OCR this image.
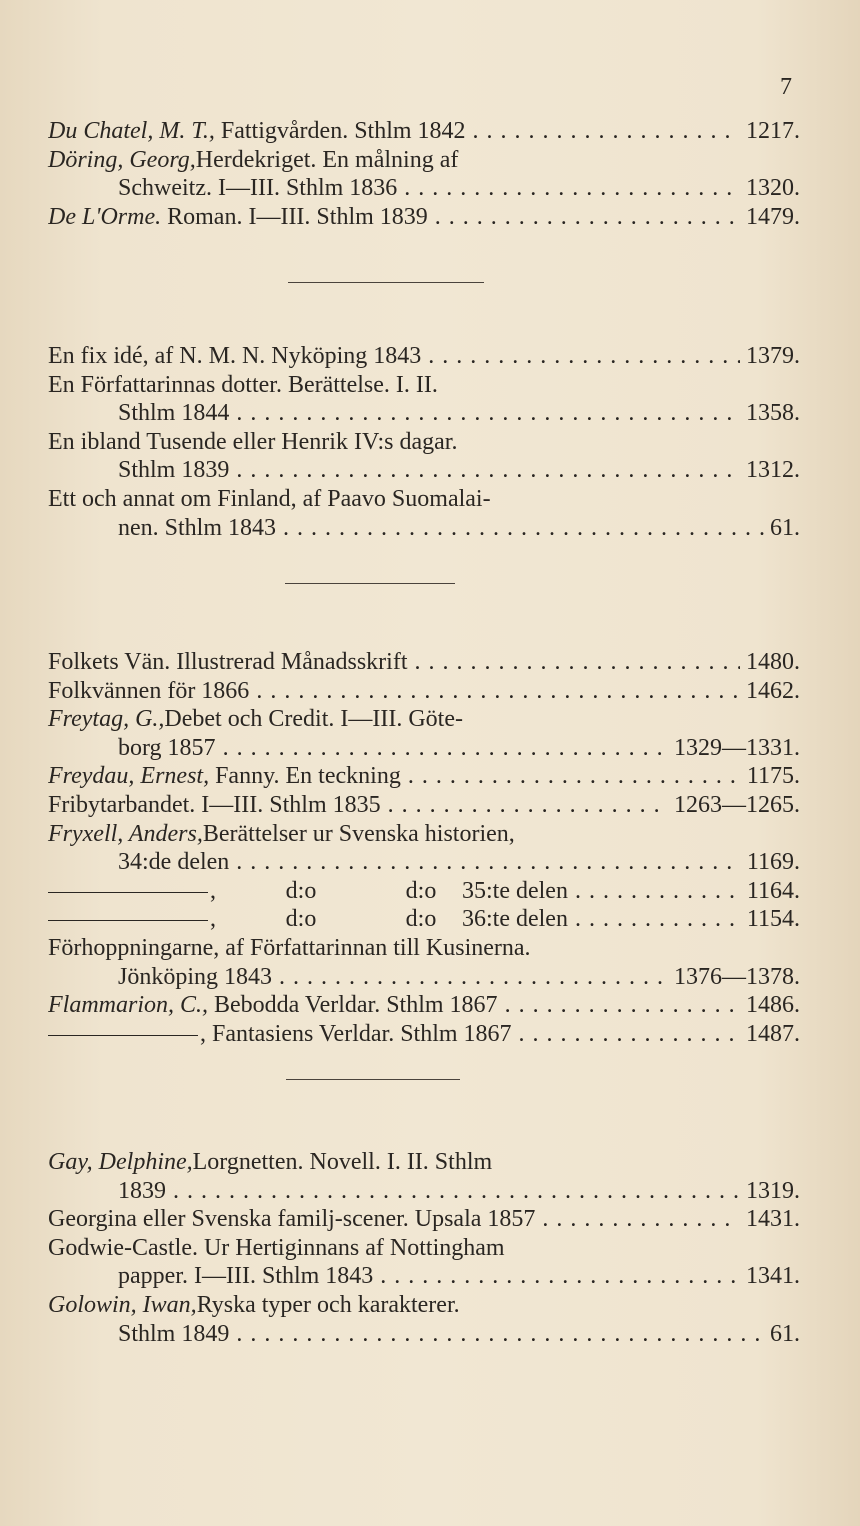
7
Du Chatel, M. T., Fattigvården. Sthlm 1842 . . .	1217.
Döring, Georg, Herdekriget. En målning af
Schweitz. I—III. Sthlm 1836 . . .	1320.
De L'Orme. Roman. I—III. Sthlm 1839 . . .	1479.
En fix idé, af N. M. N. Nyköping 1843 . . .	1379.
En Författarinnas dotter. Berättelse. I. II.
Sthlm 1844 . . .	1358.
En ibland Tusende eller Henrik IV:s dagar.
Sthlm 1839 . . .	1312.
Ett och annat om Finland, af Paavo Suomalai-
nen. Sthlm 1843 . . .	61.
Folkets Vän. Illustrerad Månadsskrift . . .	1480.
Folkvännen för 1866 . . .	1462.
Freytag, G., Debet och Credit. I—III. Göte-
borg 1857 . . .	1329—1331.
Freydau, Ernest, Fanny. En teckning . . .	1175.
Fribytarbandet. I—III. Sthlm 1835 . . .	1263—1265.
Fryxell, Anders, Berättelser ur Svenska historien,
34:de delen . . .	1169.
,	d:o	d:o 35:te delen . . .	1164.
,	d:o	d:o 36:te delen . . .	1154.
Förhoppningarne, af Författarinnan till Kusinerna.
Jönköping 1843 . . .	1376—1378.
Flammarion, C., Bebodda Verldar. Sthlm 1867 . . .	1486.
, Fantasiens Verldar. Sthlm 1867 . . .	1487.
Gay, Delphine, Lorgnetten. Novell. I. II. Sthlm
1839 . . .	1319.
Georgina eller Svenska familj-scener. Upsala 1857 . . .	1431.
Godwie-Castle. Ur Hertiginnans af Nottingham
papper. I—III. Sthlm 1843 . . .	1341.
Golowin, Iwan, Ryska typer och karakterer.
Sthlm 1849 . . .	61.
